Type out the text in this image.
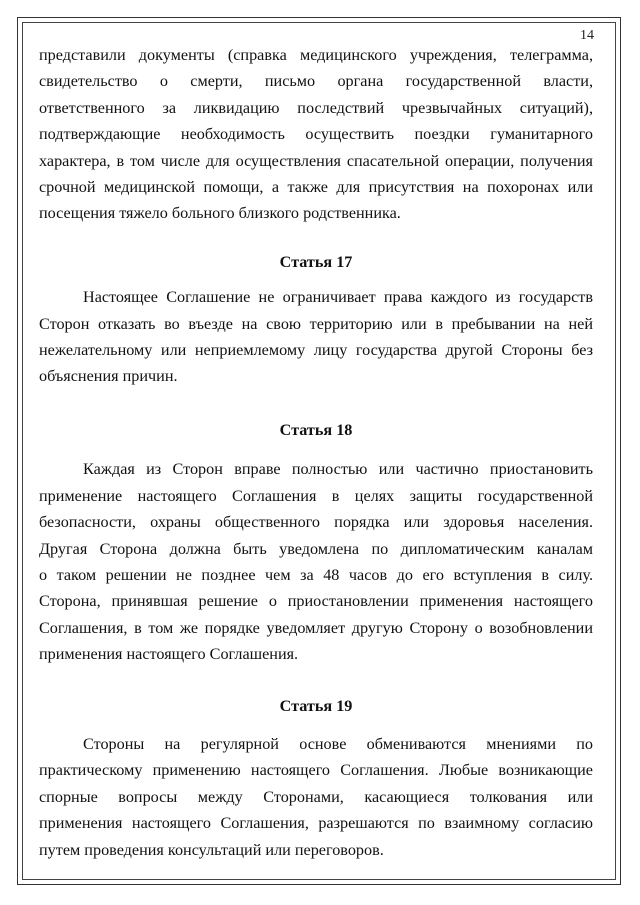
14
представили документы (справка медицинского учреждения, телеграмма,
свидетельство о смерти, письмо органа государственной власти,
ответственного за ликвидацию последствий чрезвычайных ситуаций),
подтверждающие необходимость осуществить поездки гуманитарного
характера, в том числе для осуществления спасательной операции, получения
срочной медицинской помощи, а также для присутствия на похоронах или
посещения тяжело больного близкого родственника.
Статья 17
Настоящее Соглашение не ограничивает права каждого из государств
Сторон отказать во въезде на свою территорию или в пребывании на ней
нежелательному или неприемлемому лицу государства другой Стороны без
объяснения причин.
Статья 18
Каждая из Сторон вправе полностью или частично приостановить
применение настоящего Соглашения в целях защиты государственной
безопасности, охраны общественного порядка или здоровья населения.
Другая Сторона должна быть уведомлена по дипломатическим каналам
о таком решении не позднее чем за 48 часов до его вступления в силу.
Сторона, принявшая решение о приостановлении применения настоящего
Соглашения, в том же порядке уведомляет другую Сторону о возобновлении
применения настоящего Соглашения.
Статья 19
Стороны на регулярной основе обмениваются мнениями по
практическому применению настоящего Соглашения. Любые возникающие
спорные вопросы между Сторонами, касающиеся толкования или
применения настоящего Соглашения, разрешаются по взаимному согласию
путем проведения консультаций или переговоров.
